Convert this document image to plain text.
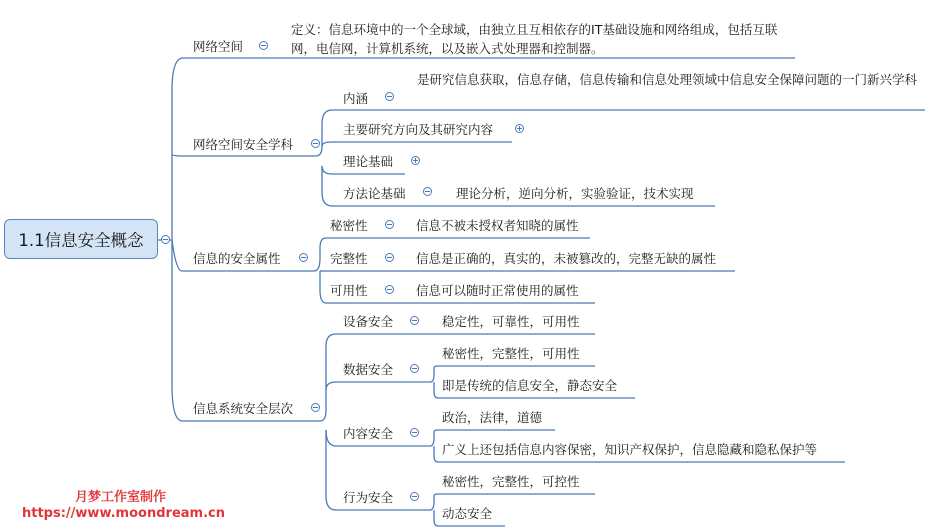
1.1信息安全概念
网络空间
定义：信息环境中的一个全球域，由独立且互相依存的IT基础设施和网络组成，包括互联网，电信网，计算机系统，以及嵌入式处理器和控制器。
网络空间安全学科
内涵
是研究信息获取，信息存储，信息传输和信息处理领域中信息安全保障问题的一门新兴学科
主要研究方向及其研究内容
理论基础
方法论基础	理论分析，逆向分析，实验验证，技术实现
信息的安全属性
秘密性	信息不被未授权者知晓的属性
完整性	信息是正确的，真实的，未被篡改的，完整无缺的属性
可用性	信息可以随时正常使用的属性
信息系统安全层次
设备安全	稳定性，可靠性，可用性
数据安全
秘密性，完整性，可用性
即是传统的信息安全，静态安全
内容安全
政治，法律，道德
广义上还包括信息内容保密，知识产权保护，信息隐藏和隐私保护等
行为安全
秘密性，完整性，可控性
动态安全
月梦工作室制作
https://www.moondream.cn
